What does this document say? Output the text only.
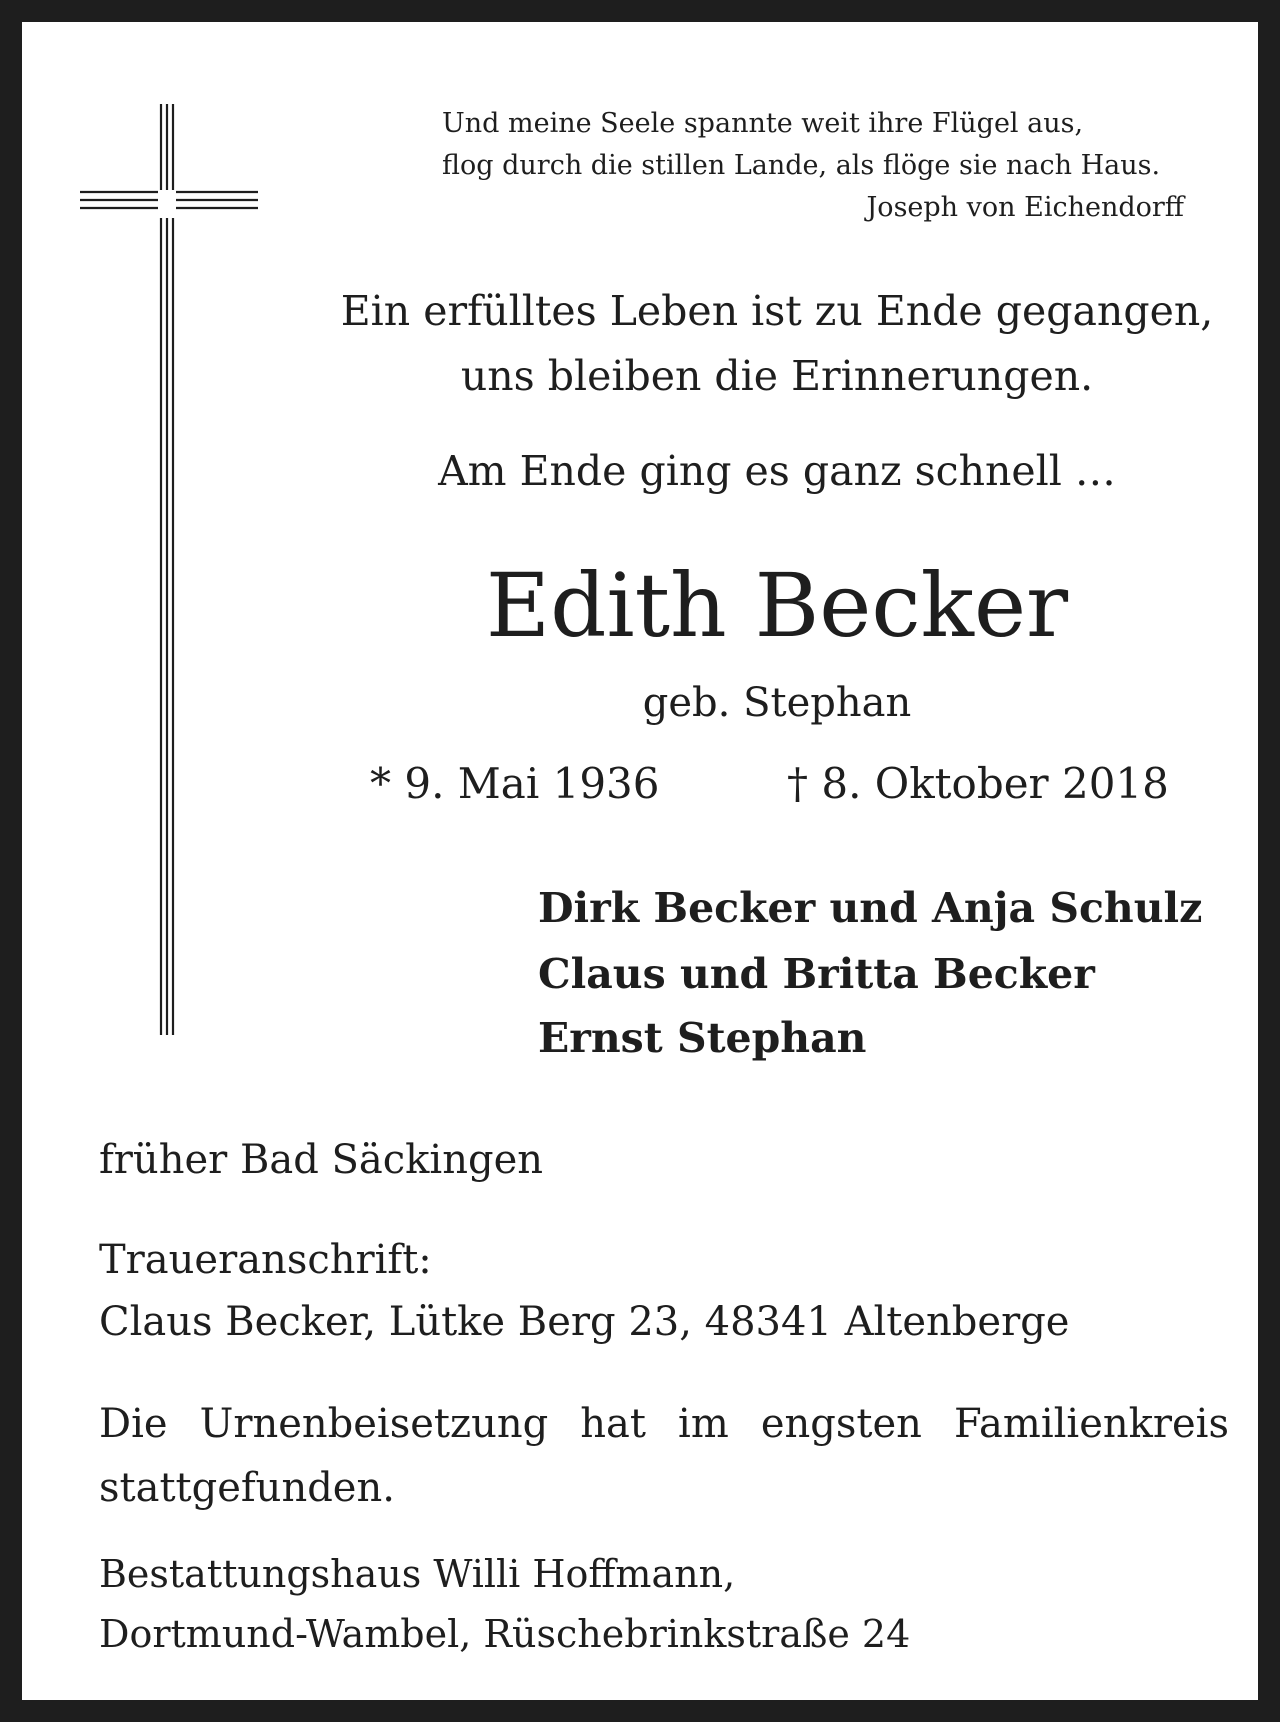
Und meine Seele spannte weit ihre Flügel aus,

flog durch die stillen Lande, als flöge sie nach Haus.

Joseph von Eichendorff

Ein erfülltes Leben ist zu Ende gegangen,

uns bleiben die Erinnerungen.

Am Ende ging es ganz schnell …

Edith Becker

geb. Stephan

* 9. Mai 1936	† 8. Oktober 2018

Dirk Becker und Anja Schulz

Claus und Britta Becker

Ernst Stephan

früher Bad Säckingen

Traueranschrift:

Claus Becker, Lütke Berg 23, 48341 Altenberge

Die Urnenbeisetzung hat im engsten Familienkreis stattgefunden.

Bestattungshaus Willi Hoffmann,

Dortmund-Wambel, Rüschebrinkstraße 24
